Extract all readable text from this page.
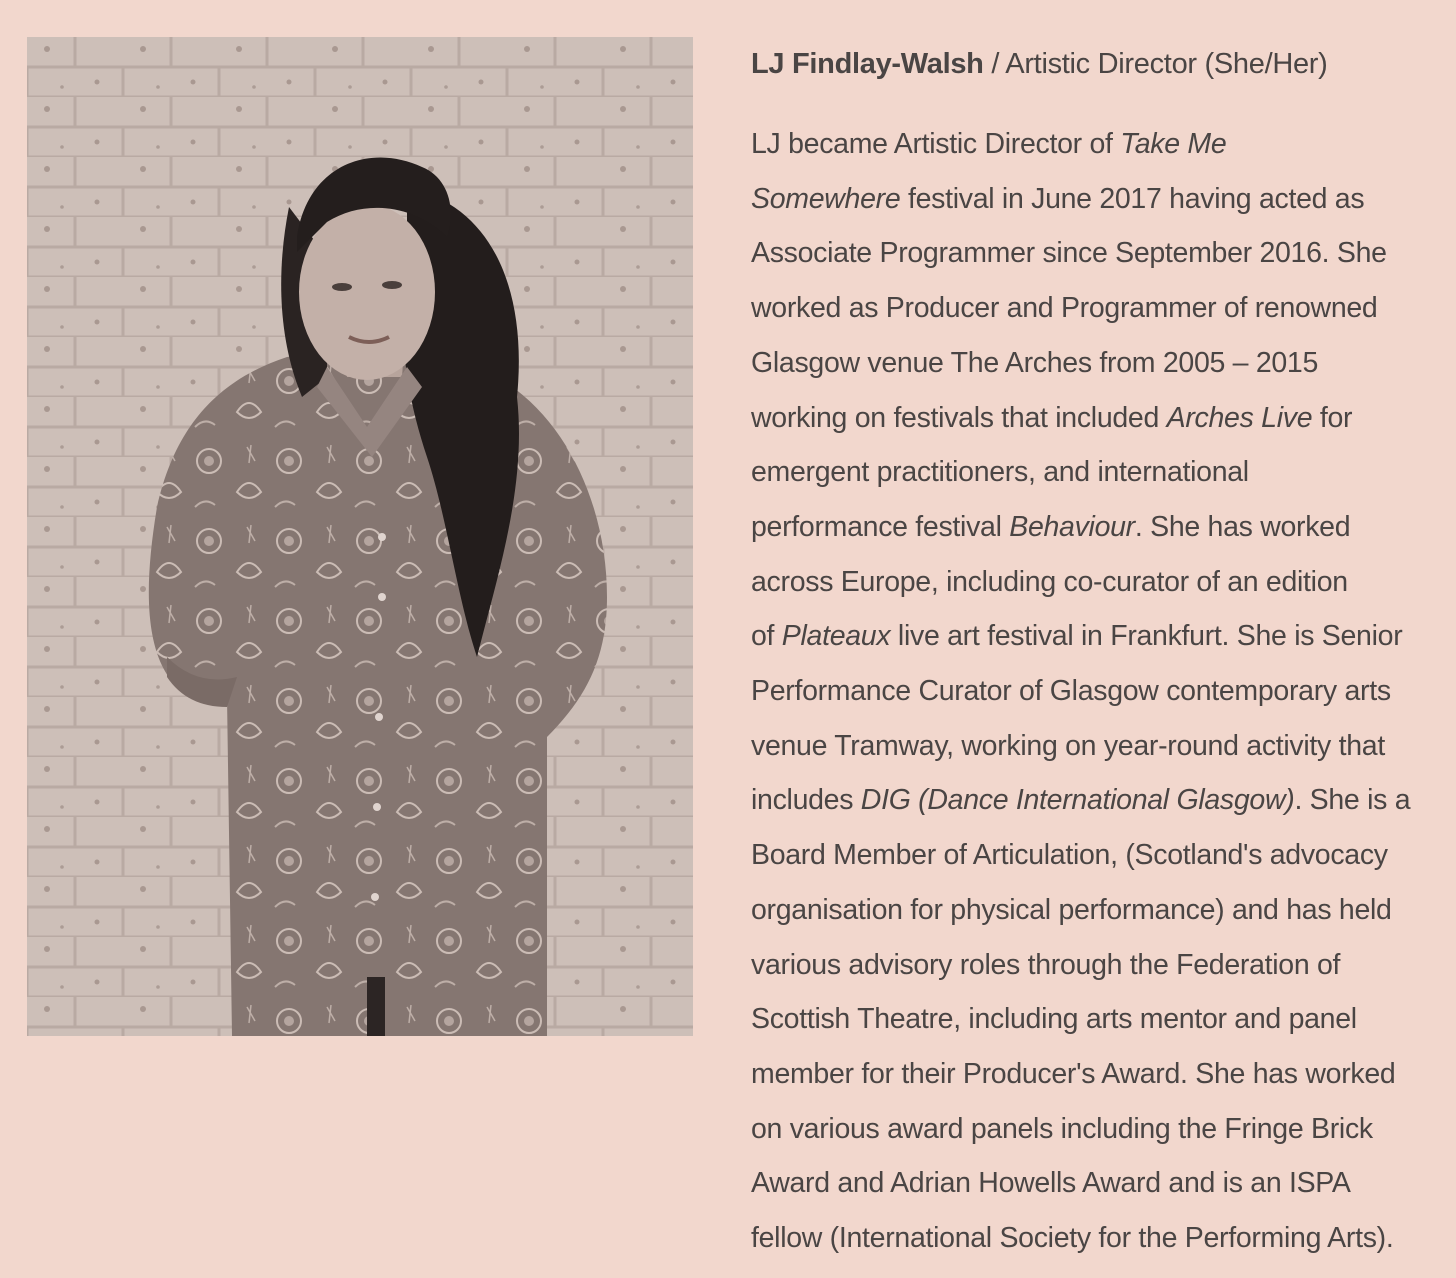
LJ Findlay-Walsh / Artistic Director (She/Her)

LJ became Artistic Director of Take Me
Somewhere festival in June 2017 having acted as
Associate Programmer since September 2016. She
worked as Producer and Programmer of renowned
Glasgow venue The Arches from 2005 – 2015
working on festivals that included Arches Live for
emergent practitioners, and international
performance festival Behaviour. She has worked
across Europe, including co-curator of an edition
of Plateaux live art festival in Frankfurt. She is Senior
Performance Curator of Glasgow contemporary arts
venue Tramway, working on year-round activity that
includes DIG (Dance International Glasgow). She is a
Board Member of Articulation, (Scotland's advocacy
organisation for physical performance) and has held
various advisory roles through the Federation of
Scottish Theatre, including arts mentor and panel
member for their Producer's Award. She has worked
on various award panels including the Fringe Brick
Award and Adrian Howells Award and is an ISPA
fellow (International Society for the Performing Arts).
